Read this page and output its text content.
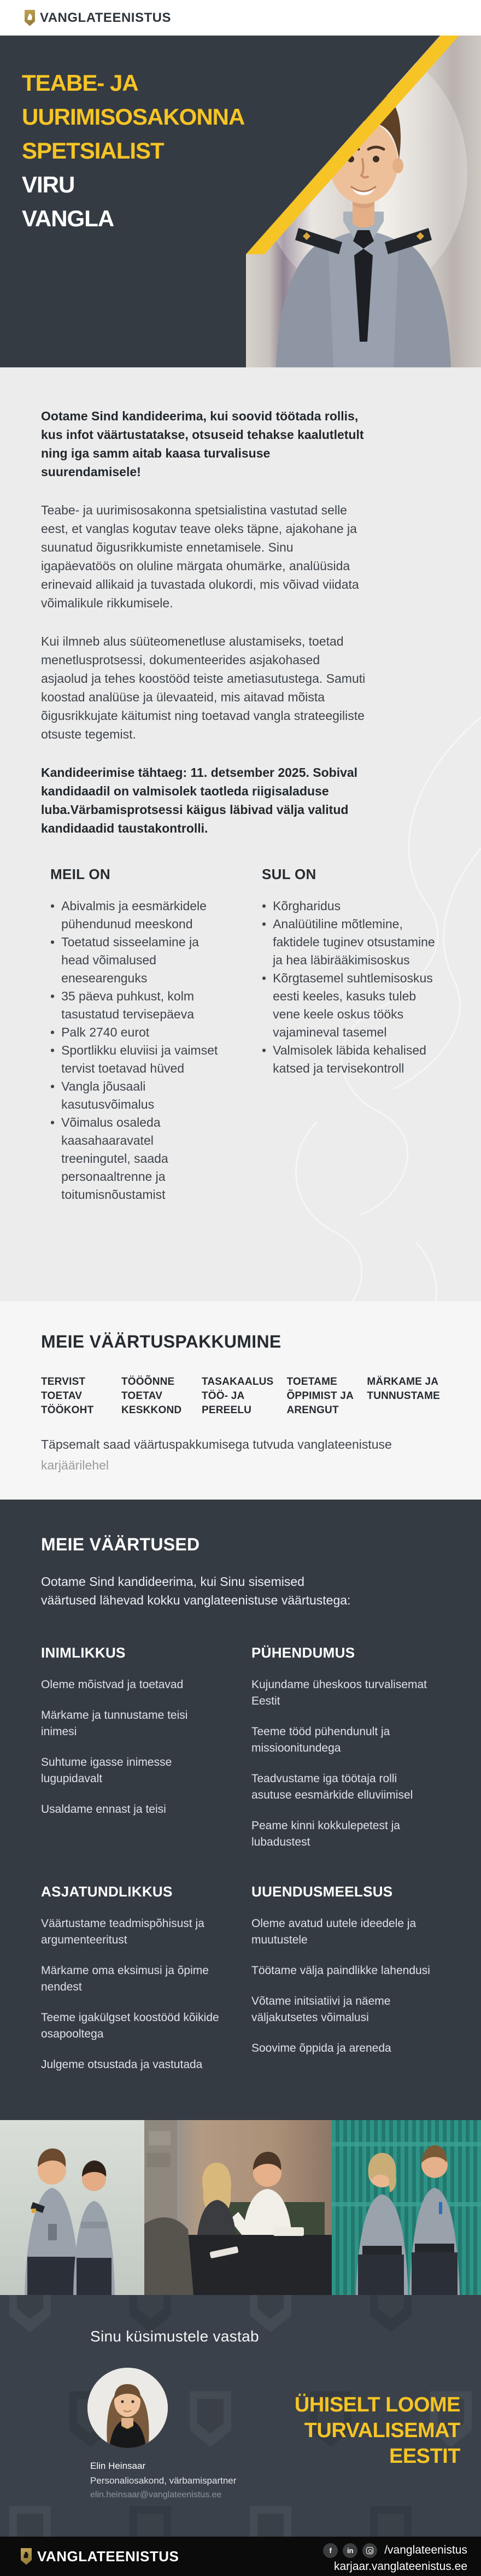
VANGLATEENISTUS
TEABE- JA UURIMISOSAKONNA SPETSIALIST
VIRU VANGLA

Ootame Sind kandideerima, kui soovid töötada rollis, kus infot väärtustatakse, otsuseid tehakse kaalutletult ning iga samm aitab kaasa turvalisuse suurendamisele!

Teabe- ja uurimisosakonna spetsialistina vastutad selle eest, et vanglas kogutav teave oleks täpne, ajakohane ja suunatud õigusrikkumiste ennetamisele. Sinu igapäevatöös on oluline märgata ohumärke, analüüsida erinevaid allikaid ja tuvastada olukordi, mis võivad viidata võimalikule rikkumisele.

Kui ilmneb alus süüteomenetluse alustamiseks, toetad menetlusprotsessi, dokumenteerides asjakohased asjaolud ja tehes koostööd teiste ametiasutustega. Samuti koostad analüüse ja ülevaateid, mis aitavad mõista õigusrikkujate käitumist ning toetavad vangla strateegiliste otsuste tegemist.

Kandideerimise tähtaeg: 11. detsember 2025. Sobival kandidaadil on valmisolek taotleda riigisaladuse luba.Värbamisprotsessi käigus läbivad välja valitud kandidaadid taustakontrolli.

MEIL ON
• Abivalmis ja eesmärkidele pühendunud meeskond
• Toetatud sisseelamine ja head võimalused enesearenguks
• 35 päeva puhkust, kolm tasustatud tervisepäeva
• Palk 2740 eurot
• Sportlikku eluviisi ja vaimset tervist toetavad hüved
• Vangla jõusaali kasutusvõimalus
• Võimalus osaleda kaasahaaravatel treeningutel, saada personaaltrenne ja toitumisnõustamist
SUL ON
• Kõrgharidus
• Analüütiline mõtlemine, faktidele tuginev otsustamine ja hea läbirääkimisoskus
• Kõrgtasemel suhtlemisoskus eesti keeles, kasuks tuleb vene keele oskus tööks vajamineval tasemel
• Valmisolek läbida kehalised katsed ja tervisekontroll
MEIE VÄÄRTUSPAKKUMINE
TERVIST TOETAV TÖÖKOHT
TÖÖÕNNE TOETAV KESKKOND
TASAKAALUS TÖÖ- JA PEREELU
TOETAME ÕPPIMIST JA ARENGUT
MÄRKAME JA TUNNUSTAME

Täpsemalt saad väärtuspakkumisega tutvuda vanglateenistuse karjäärilehel

MEIE VÄÄRTUSED

Ootame Sind kandideerima, kui Sinu sisemised väärtused lähevad kokku vanglateenistuse väärtustega:

INIMLIKKUS
Oleme mõistvad ja toetavad
Märkame ja tunnustame teisi inimesi
Suhtume igasse inimesse lugupidavalt
Usaldame ennast ja teisi
PÜHENDUMUS
Kujundame üheskoos turvalisemat Eestit
Teeme tööd pühendunult ja missioonitundega
Teadvustame iga töötaja rolli asutuse eesmärkide elluviimisel
Peame kinni kokkulepetest ja lubadustest
ASJATUNDLIKKUS
Väärtustame teadmispõhisust ja argumenteeritust
Märkame oma eksimusi ja õpime nendest
Teeme igakülgset koostööd kõikide osapooltega
Julgeme otsustada ja vastutada
UUENDUSMEELSUS
Oleme avatud uutele ideedele ja muutustele
Töötame välja paindlikke lahendusi
Võtame initsiatiivi ja näeme väljakutsetes võimalusi
Soovime õppida ja areneda
Sinu küsimustele vastab
Elin Heinsaar
Personaliosakond, värbamispartner
elin.heinsaar@vanglateenistus.ee
ÜHISELT LOOME
TURVALISEMAT
EESTIT
VANGLATEENISTUS	f in	/vanglateenistus
karjaar.vanglateenistus.ee
